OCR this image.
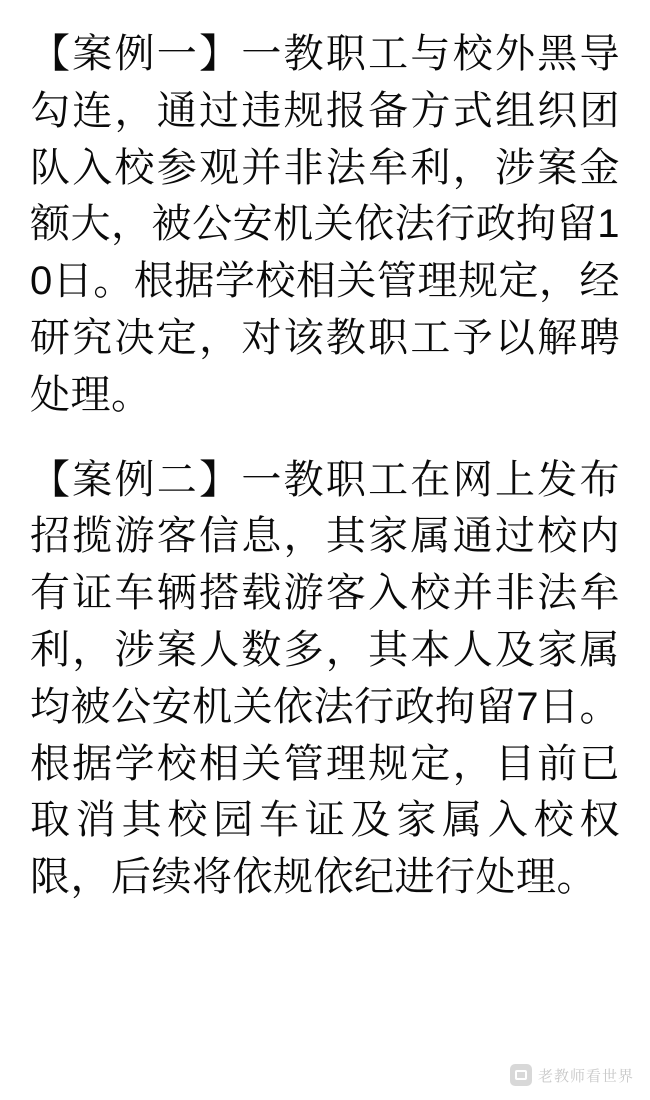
【案例一】一教职工与校外黑导勾连，通过违规报备方式组织团队入校参观并非法牟利，涉案金额大，被公安机关依法行政拘留10日。根据学校相关管理规定，经研究决定，对该教职工予以解聘处理。

【案例二】一教职工在网上发布招揽游客信息，其家属通过校内有证车辆搭载游客入校并非法牟利，涉案人数多，其本人及家属均被公安机关依法行政拘留7日。根据学校相关管理规定，目前已取消其校园车证及家属入校权限，后续将依规依纪进行处理。

老教师看世界
